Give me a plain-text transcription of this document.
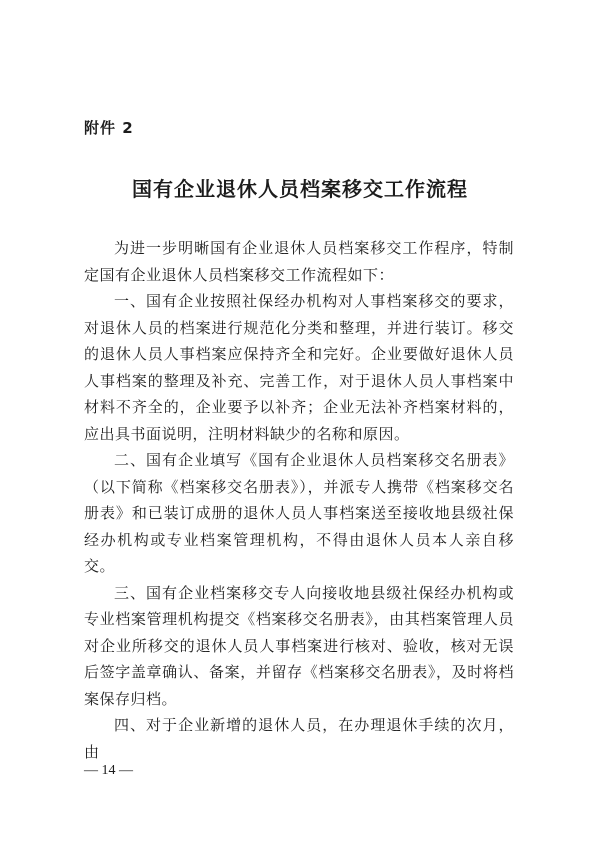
附件 2
国有企业退休人员档案移交工作流程

为进一步明晰国有企业退休人员档案移交工作程序，特制定国有企业退休人员档案移交工作流程如下：

一、国有企业按照社保经办机构对人事档案移交的要求，对退休人员的档案进行规范化分类和整理，并进行装订。移交的退休人员人事档案应保持齐全和完好。企业要做好退休人员人事档案的整理及补充、完善工作，对于退休人员人事档案中材料不齐全的，企业要予以补齐；企业无法补齐档案材料的，应出具书面说明，注明材料缺少的名称和原因。

二、国有企业填写《国有企业退休人员档案移交名册表》（以下简称《档案移交名册表》），并派专人携带《档案移交名册表》和已装订成册的退休人员人事档案送至接收地县级社保经办机构或专业档案管理机构，不得由退休人员本人亲自移交。

三、国有企业档案移交专人向接收地县级社保经办机构或专业档案管理机构提交《档案移交名册表》，由其档案管理人员对企业所移交的退休人员人事档案进行核对、验收，核对无误后签字盖章确认、备案，并留存《档案移交名册表》，及时将档案保存归档。

四、对于企业新增的退休人员，在办理退休手续的次月，由

— 14 —
